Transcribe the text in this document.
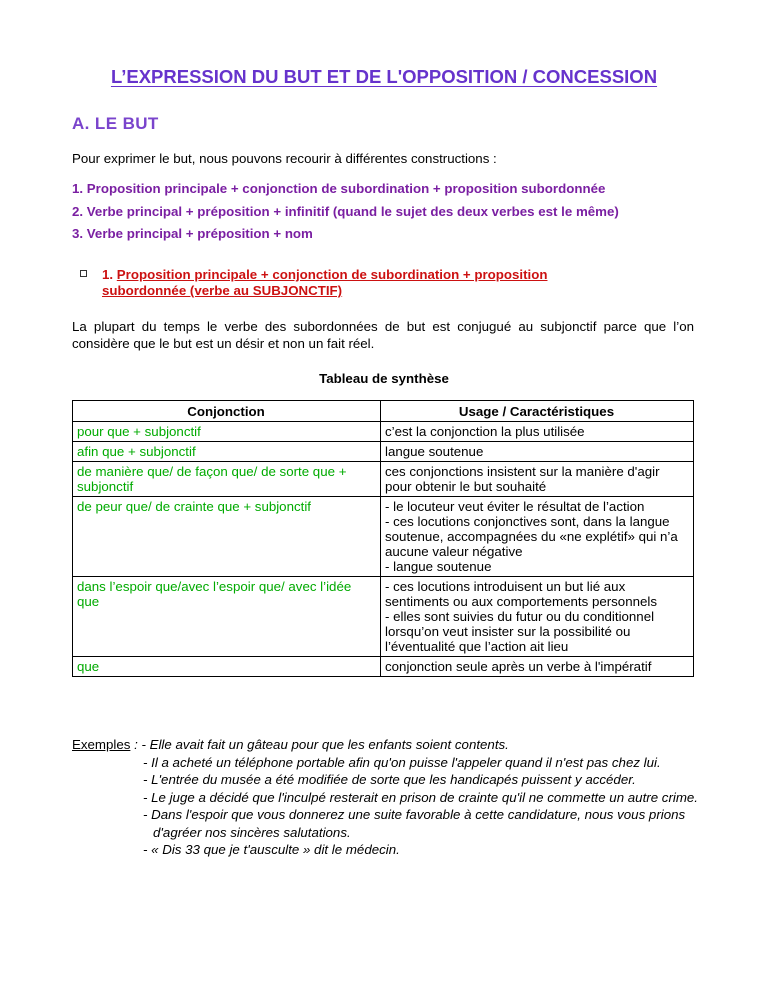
L’EXPRESSION DU BUT ET DE L'OPPOSITION / CONCESSION
A. LE BUT
Pour exprimer le but, nous pouvons recourir à différentes constructions :
1. Proposition principale + conjonction de subordination + proposition subordonnée
2. Verbe principal + préposition + infinitif (quand le sujet des deux verbes est le même)
3. Verbe principal + préposition + nom
1. Proposition principale + conjonction de subordination + proposition subordonnée (verbe au SUBJONCTIF)
La plupart du temps le verbe des subordonnées de but est conjugué au subjonctif parce que l’on considère que le but est un désir et non un fait réel.
Tableau de synthèse
Conjonction	Usage / Caractéristiques
pour que + subjonctif	c’est la conjonction la plus utilisée
afin que + subjonctif	langue soutenue
de manière que/ de façon que/ de sorte que + subjonctif	ces conjonctions insistent sur la manière d'agir pour obtenir le but souhaité
de peur que/ de crainte que + subjonctif	- le locuteur veut éviter le résultat de l’action
- ces locutions conjonctives sont, dans la langue soutenue, accompagnées du «ne explétif» qui n’a aucune valeur négative
- langue soutenue
dans l’espoir que/avec l’espoir que/ avec l’idée que	- ces locutions introduisent un but lié aux sentiments ou aux comportements personnels
- elles sont suivies du futur ou du conditionnel lorsqu’on veut insister sur la possibilité ou l’éventualité que l’action ait lieu
que	conjonction seule après un verbe à l'impératif
Exemples : - Elle avait fait un gâteau pour que les enfants soient contents.
- Il a acheté un téléphone portable afin qu'on puisse l'appeler quand il n'est pas chez lui.
- L'entrée du musée a été modifiée de sorte que les handicapés puissent y accéder.
- Le juge a décidé que l'inculpé resterait en prison de crainte qu'il ne commette un autre crime.
- Dans l'espoir que vous donnerez une suite favorable à cette candidature, nous vous prions d'agréer nos sincères salutations.
- « Dis 33 que je t'ausculte » dit le médecin.
